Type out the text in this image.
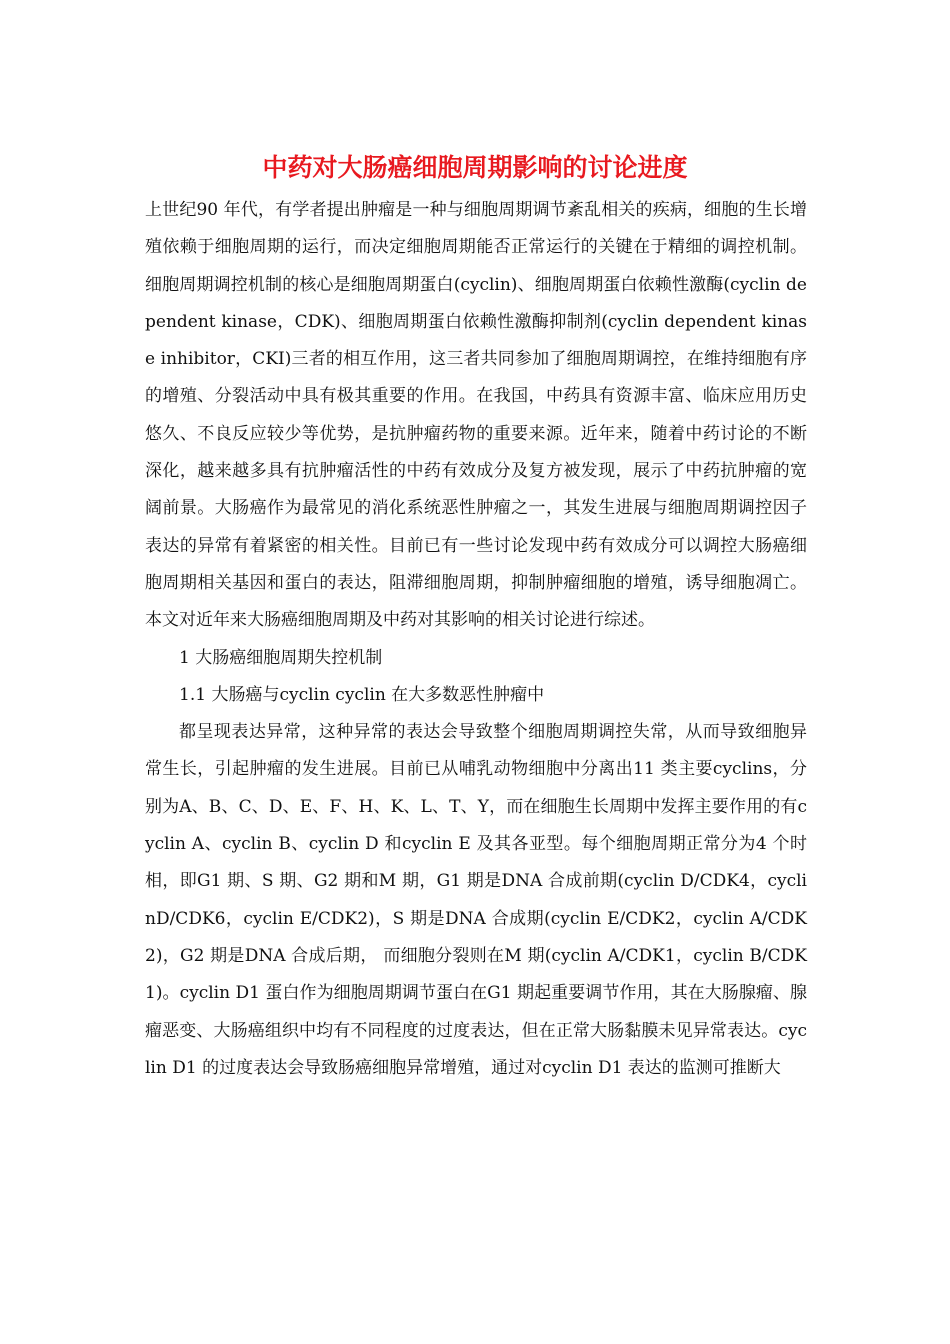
中药对大肠癌细胞周期影响的讨论进度

上世纪90 年代，有学者提出肿瘤是一种与细胞周期调节紊乱相关的疾病，细胞的生长增殖依赖于细胞周期的运行，而决定细胞周期能否正常运行的关键在于精细的调控机制。细胞周期调控机制的核心是细胞周期蛋白(cyclin)、细胞周期蛋白依赖性激酶(cyclin dependent kinase，CDK)、细胞周期蛋白依赖性激酶抑制剂(cyclin dependent kinase inhibitor，CKI)三者的相互作用，这三者共同参加了细胞周期调控，在维持细胞有序的增殖、分裂活动中具有极其重要的作用。在我国，中药具有资源丰富、临床应用历史悠久、不良反应较少等优势，是抗肿瘤药物的重要来源。近年来，随着中药讨论的不断深化，越来越多具有抗肿瘤活性的中药有效成分及复方被发现，展示了中药抗肿瘤的宽阔前景。大肠癌作为最常见的消化系统恶性肿瘤之一，其发生进展与细胞周期调控因子表达的异常有着紧密的相关性。目前已有一些讨论发现中药有效成分可以调控大肠癌细胞周期相关基因和蛋白的表达，阻滞细胞周期，抑制肿瘤细胞的增殖，诱导细胞凋亡。本文对近年来大肠癌细胞周期及中药对其影响的相关讨论进行综述。

1 大肠癌细胞周期失控机制

1.1 大肠癌与cyclin cyclin 在大多数恶性肿瘤中

都呈现表达异常，这种异常的表达会导致整个细胞周期调控失常，从而导致细胞异常生长，引起肿瘤的发生进展。目前已从哺乳动物细胞中分离出11 类主要cyclins，分别为A、B、C、D、E、F、H、K、L、T、Y，而在细胞生长周期中发挥主要作用的有cyclin A、cyclin B、cyclin D 和cyclin E 及其各亚型。每个细胞周期正常分为4 个时相，即G1 期、S 期、G2 期和M 期，G1 期是DNA 合成前期(cyclin D/CDK4，cyclinD/CDK6，cyclin E/CDK2)，S 期是DNA 合成期(cyclin E/CDK2，cyclin A/CDK2)，G2 期是DNA 合成后期， 而细胞分裂则在M 期(cyclin A/CDK1，cyclin B/CDK1)。cyclin D1 蛋白作为细胞周期调节蛋白在G1 期起重要调节作用，其在大肠腺瘤、腺瘤恶变、大肠癌组织中均有不同程度的过度表达，但在正常大肠黏膜未见异常表达。cyclin D1 的过度表达会导致肠癌细胞异常增殖，通过对cyclin D1 表达的监测可推断大
